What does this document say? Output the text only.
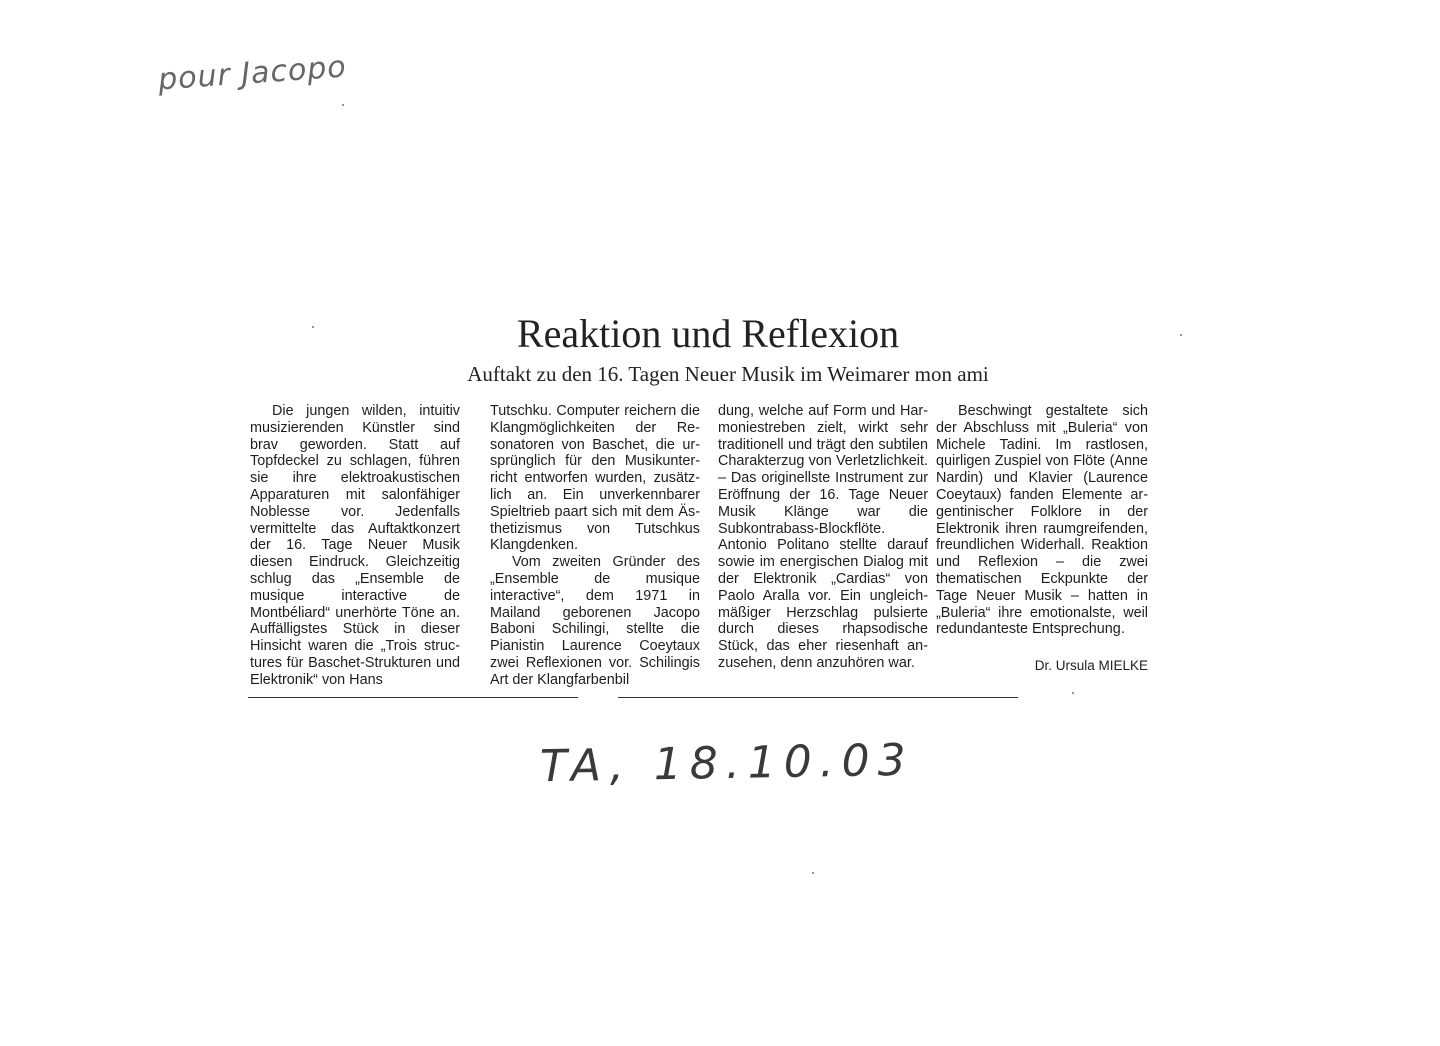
pour Jacopo
Reaktion und Reflexion
Auftakt zu den 16. Tagen Neuer Musik im Weimarer mon ami

Die jungen wilden, intuitiv musizierenden Künstler sind brav geworden. Statt auf Topfdeckel zu schlagen, führen sie ihre elektroakustischen Apparaturen mit salonfähiger Noblesse vor. Jedenfalls vermittelte das Auftaktkonzert der 16. Tage Neuer Musik diesen Eindruck. Gleichzeitig schlug das „Ensemble de musique interactive de Montbéliard“ unerhörte Töne an. Auffälligstes Stück in dieser Hinsicht waren die „Trois structures für Baschet-Strukturen und Elektronik“ von Hans

Tutschku. Computer reichern die Klangmöglichkeiten der Resonatoren von Baschet, die ursprünglich für den Musikunterricht entworfen wurden, zusätzlich an. Ein unverkennbarer Spieltrieb paart sich mit dem Ästhetizismus von Tutschkus Klangdenken.

Vom zweiten Gründer des „Ensemble de musique interactive“, dem 1971 in Mailand geborenen Jacopo Baboni Schilingi, stellte die Pianistin Laurence Coeytaux zwei Reflexionen vor. Schilingis Art der Klangfarbenbil

dung, welche auf Form und Harmoniestreben zielt, wirkt sehr traditionell und trägt den subtilen Charakterzug von Verletzlichkeit. – Das originellste Instrument zur Eröffnung der 16. Tage Neuer Musik Klänge war die Subkontrabass-Blockflöte. Antonio Politano stellte darauf sowie im energischen Dialog mit der Elektronik „Cardias“ von Paolo Aralla vor. Ein ungleichmäßiger Herzschlag pulsierte durch dieses rhapsodische Stück, das eher riesenhaft anzusehen, denn anzuhören war.

Beschwingt gestaltete sich der Abschluss mit „Buleria“ von Michele Tadini. Im rastlosen, quirligen Zuspiel von Flöte (Anne Nardin) und Klavier (Laurence Coeytaux) fanden Elemente argentinischer Folklore in der Elektronik ihren raumgreifenden, freundlichen Widerhall. Reaktion und Reflexion – die zwei thematischen Eckpunkte der Tage Neuer Musik – hatten in „Buleria“ ihre emotionalste, weil redundanteste Entsprechung.

Dr. Ursula MIELKE

TA, 18.10.03
